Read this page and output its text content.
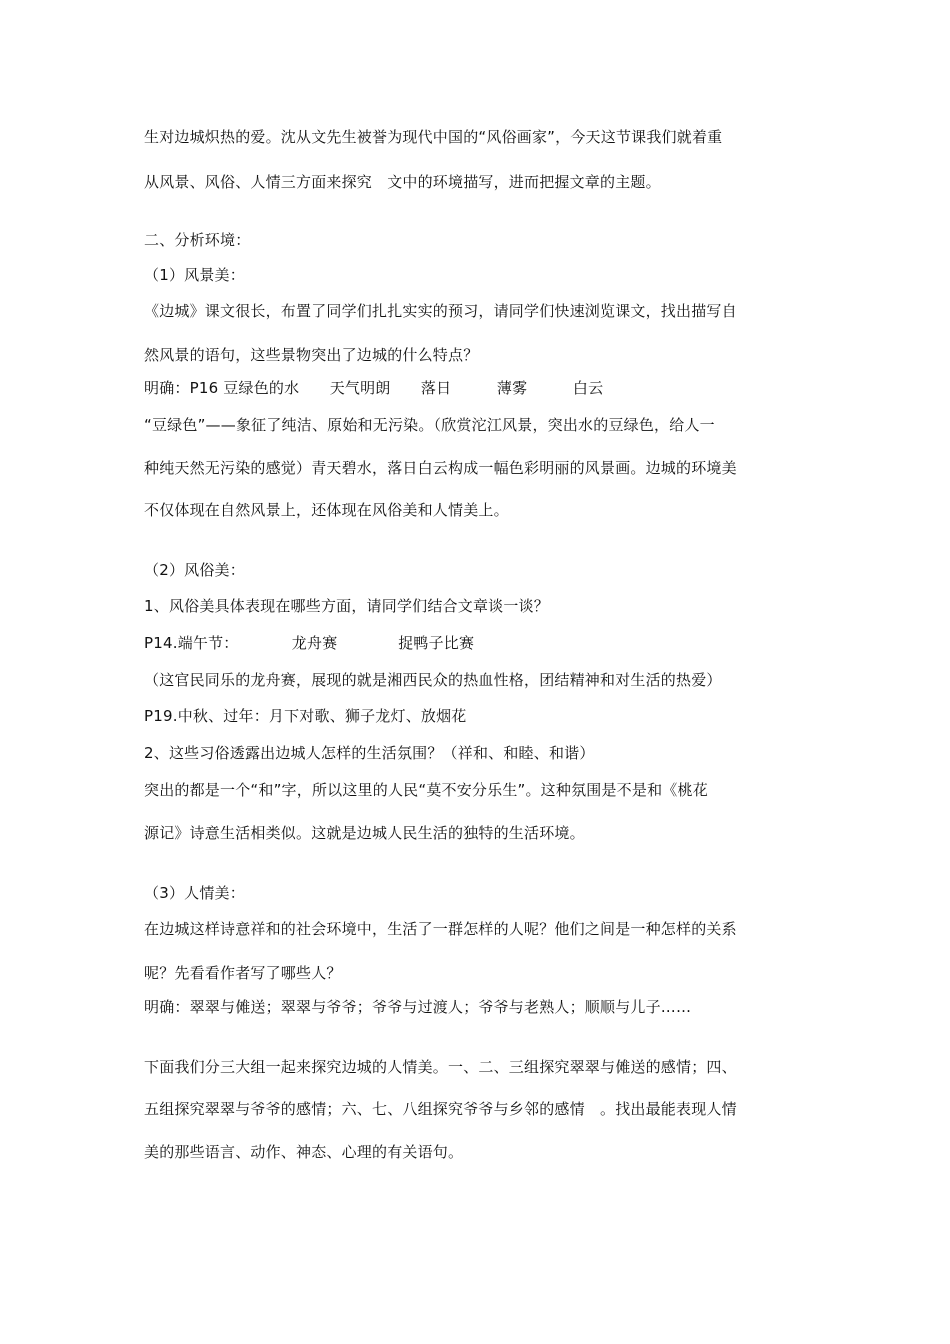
生对边城炽热的爱。沈从文先生被誉为现代中国的“风俗画家”，今天这节课我们就着重
从风景、风俗、人情三方面来探究　文中的环境描写，进而把握文章的主题。
二、分析环境：
（1）风景美：
《边城》课文很长，布置了同学们扎扎实实的预习，请同学们快速浏览课文，找出描写自
然风景的语句，这些景物突出了边城的什么特点？
明确：P16 豆绿色的水　　天气明朗　　落日　　　薄雾　　　白云
“豆绿色”——象征了纯洁、原始和无污染。（欣赏沱江风景，突出水的豆绿色，给人一
种纯天然无污染的感觉）青天碧水，落日白云构成一幅色彩明丽的风景画。边城的环境美
不仅体现在自然风景上，还体现在风俗美和人情美上。
（2）风俗美：
1、风俗美具体表现在哪些方面，请同学们结合文章谈一谈？
P14.端午节：　　　　龙舟赛　　　　捉鸭子比赛
（这官民同乐的龙舟赛，展现的就是湘西民众的热血性格，团结精神和对生活的热爱）
P19.中秋、过年：月下对歌、狮子龙灯、放烟花
2、这些习俗透露出边城人怎样的生活氛围？（祥和、和睦、和谐）
突出的都是一个“和”字，所以这里的人民“莫不安分乐生”。这种氛围是不是和《桃花
源记》诗意生活相类似。这就是边城人民生活的独特的生活环境。
（3）人情美：
在边城这样诗意祥和的社会环境中，生活了一群怎样的人呢？他们之间是一种怎样的关系
呢？先看看作者写了哪些人？
明确：翠翠与傩送；翠翠与爷爷；爷爷与过渡人；爷爷与老熟人；顺顺与儿子……
下面我们分三大组一起来探究边城的人情美。一、二、三组探究翠翠与傩送的感情；四、
五组探究翠翠与爷爷的感情；六、七、八组探究爷爷与乡邻的感情　。找出最能表现人情
美的那些语言、动作、神态、心理的有关语句。
